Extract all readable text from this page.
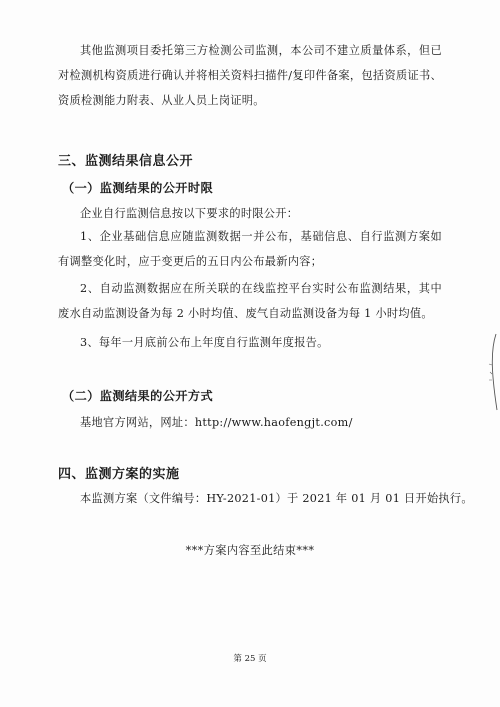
其他监测项目委托第三方检测公司监测，本公司不建立质量体系，但已对检测机构资质进行确认并将相关资料扫描件/复印件备案，包括资质证书、资质检测能力附表、从业人员上岗证明。

三、监测结果信息公开
（一）监测结果的公开时限

企业自行监测信息按以下要求的时限公开：

1、企业基础信息应随监测数据一并公布，基础信息、自行监测方案如有调整变化时，应于变更后的五日内公布最新内容；

2、自动监测数据应在所关联的在线监控平台实时公布监测结果，其中废水自动监测设备为每 2 小时均值、废气自动监测设备为每 1 小时均值。

3、每年一月底前公布上年度自行监测年度报告。

（二）监测结果的公开方式

基地官方网站，网址：http://www.haofengjt.com/

四、监测方案的实施

本监测方案（文件编号：HY-2021-01）于 2021 年 01 月 01 日开始执行。

***方案内容至此结束***
第 25 页
